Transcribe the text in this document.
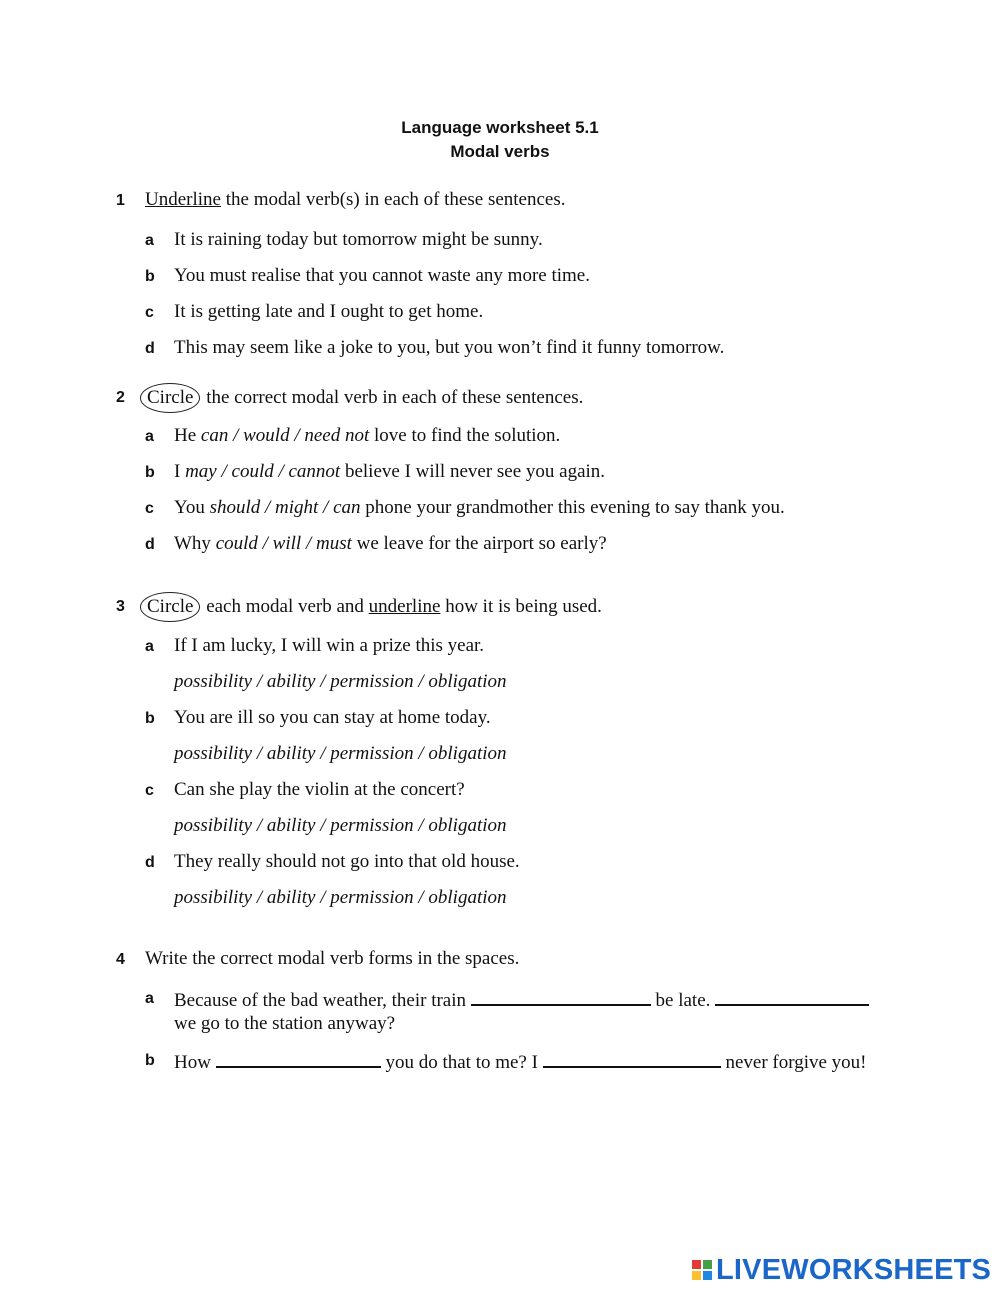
Language worksheet 5.1
Modal verbs
1 Underline the modal verb(s) in each of these sentences.
a It is raining today but tomorrow might be sunny.
b You must realise that you cannot waste any more time.
c It is getting late and I ought to get home.
d This may seem like a joke to you, but you won’t find it funny tomorrow.
2 Circle the correct modal verb in each of these sentences.
a He can / would / need not love to find the solution.
b I may / could / cannot believe I will never see you again.
c You should / might / can phone your grandmother this evening to say thank you.
d Why could / will / must we leave for the airport so early?
3 Circle each modal verb and underline how it is being used.
a If I am lucky, I will win a prize this year.
possibility / ability / permission / obligation
b You are ill so you can stay at home today.
possibility / ability / permission / obligation
c Can she play the violin at the concert?
possibility / ability / permission / obligation
d They really should not go into that old house.
possibility / ability / permission / obligation
4 Write the correct modal verb forms in the spaces.
a Because of the bad weather, their train	be late.
we go to the station anyway?
b How	you do that to me? I	never forgive you!
LIVEWORKSHEETS
